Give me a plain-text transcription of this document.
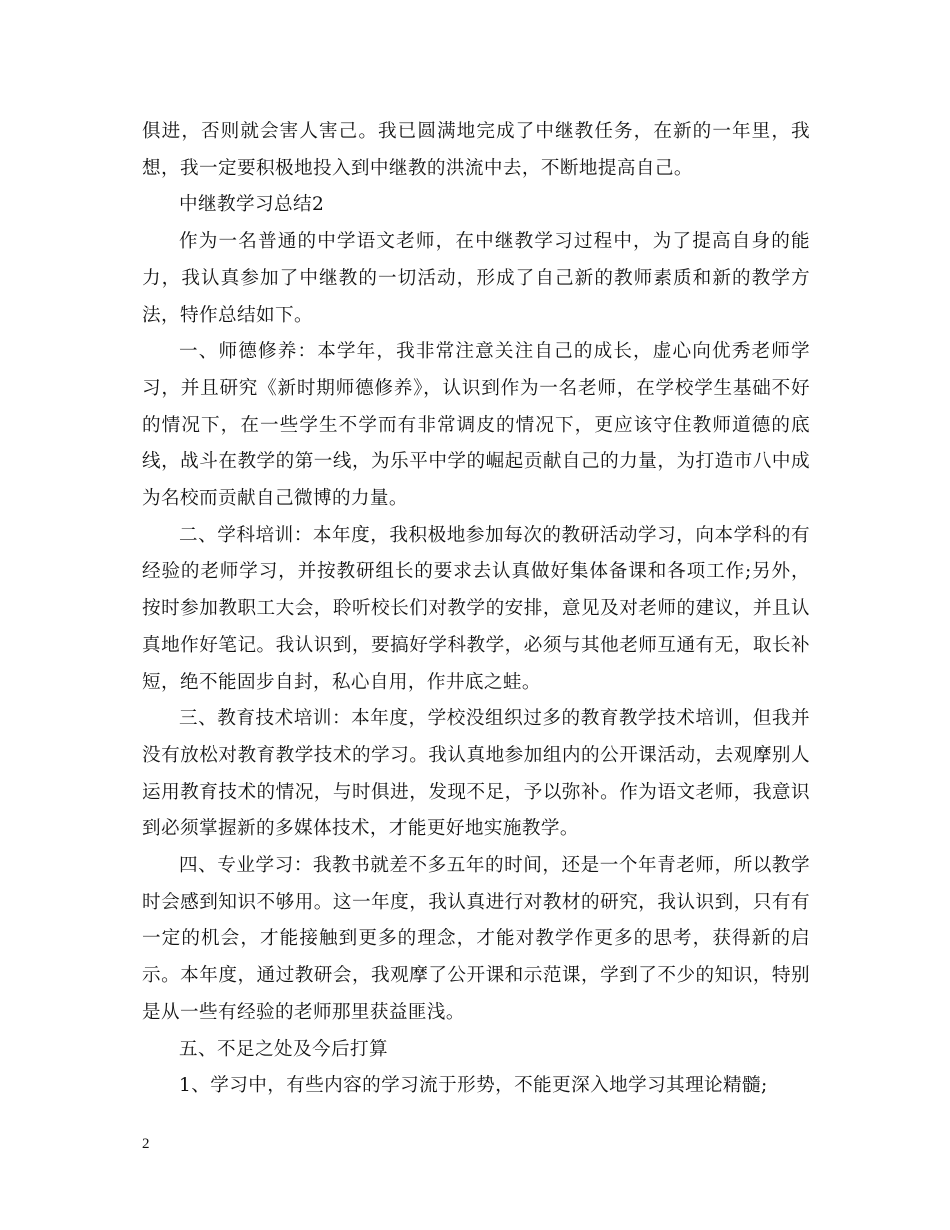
俱进，否则就会害人害己。我已圆满地完成了中继教任务，在新的一年里，我想，我一定要积极地投入到中继教的洪流中去，不断地提高自己。

中继教学习总结2

作为一名普通的中学语文老师，在中继教学习过程中，为了提高自身的能力，我认真参加了中继教的一切活动，形成了自己新的教师素质和新的教学方法，特作总结如下。

一、师德修养：本学年，我非常注意关注自己的成长，虚心向优秀老师学习，并且研究《新时期师德修养》，认识到作为一名老师，在学校学生基础不好的情况下，在一些学生不学而有非常调皮的情况下，更应该守住教师道德的底线，战斗在教学的第一线，为乐平中学的崛起贡献自己的力量，为打造市八中成为名校而贡献自己微博的力量。

二、学科培训：本年度，我积极地参加每次的教研活动学习，向本学科的有经验的老师学习，并按教研组长的要求去认真做好集体备课和各项工作;另外，按时参加教职工大会，聆听校长们对教学的安排，意见及对老师的建议，并且认真地作好笔记。我认识到，要搞好学科教学，必须与其他老师互通有无，取长补短，绝不能固步自封，私心自用，作井底之蛙。

三、教育技术培训：本年度，学校没组织过多的教育教学技术培训，但我并没有放松对教育教学技术的学习。我认真地参加组内的公开课活动，去观摩别人运用教育技术的情况，与时俱进，发现不足，予以弥补。作为语文老师，我意识到必须掌握新的多媒体技术，才能更好地实施教学。

四、专业学习：我教书就差不多五年的时间，还是一个年青老师，所以教学时会感到知识不够用。这一年度，我认真进行对教材的研究，我认识到，只有有一定的机会，才能接触到更多的理念，才能对教学作更多的思考，获得新的启示。本年度，通过教研会，我观摩了公开课和示范课，学到了不少的知识，特别是从一些有经验的老师那里获益匪浅。

五、不足之处及今后打算

1、学习中，有些内容的学习流于形势，不能更深入地学习其理论精髓;

2
